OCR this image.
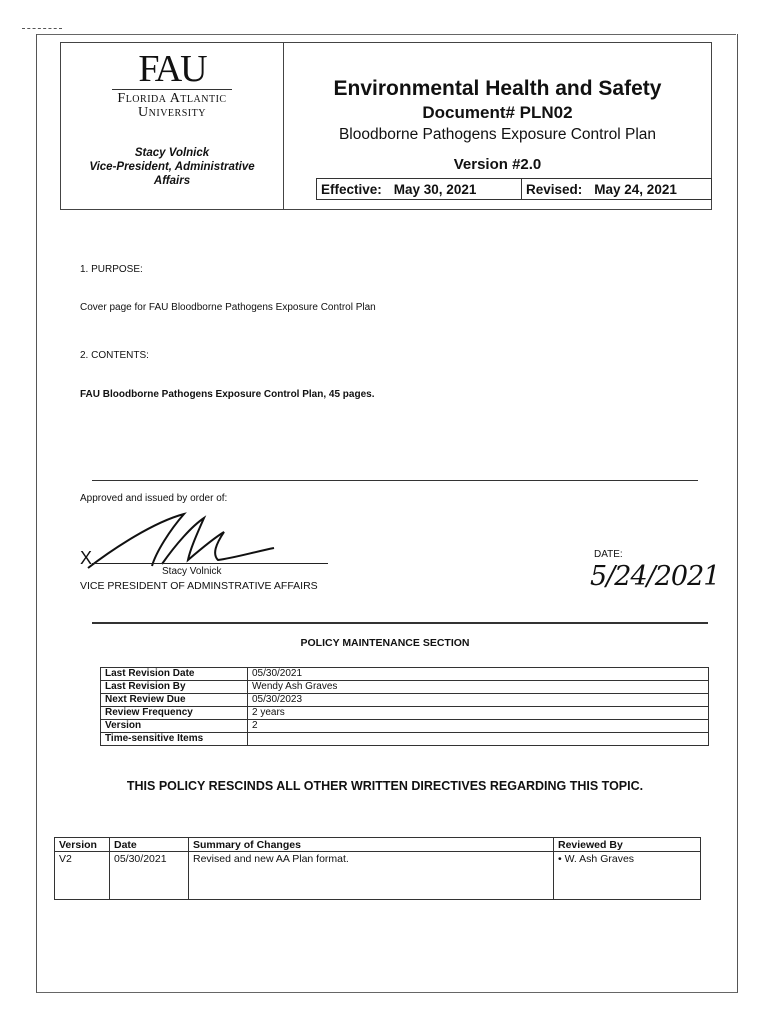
FAU
Florida Atlantic
University
Stacy Volnick
Vice-President, Administrative
Affairs
Environmental Health and Safety
Document# PLN02
Bloodborne Pathogens Exposure Control Plan
Version #2.0
Effective: May 30, 2021	Revised: May 24, 2021
1. PURPOSE:
Cover page for FAU Bloodborne Pathogens Exposure Control Plan
2. CONTENTS:
FAU Bloodborne Pathogens Exposure Control Plan, 45 pages.
Approved and issued by order of:
X
Stacy Volnick
VICE PRESIDENT OF ADMINSTRATIVE AFFAIRS
DATE:
5/24/2021
POLICY MAINTENANCE SECTION
Last Revision Date	05/30/2021
Last Revision By	Wendy Ash Graves
Next Review Due	05/30/2023
Review Frequency	2 years
Version	2
Time-sensitive Items	
THIS POLICY RESCINDS ALL OTHER WRITTEN DIRECTIVES REGARDING THIS TOPIC.
Version	Date	Summary of Changes	Reviewed By
V2	05/30/2021	Revised and new AA Plan format.	• W. Ash Graves
